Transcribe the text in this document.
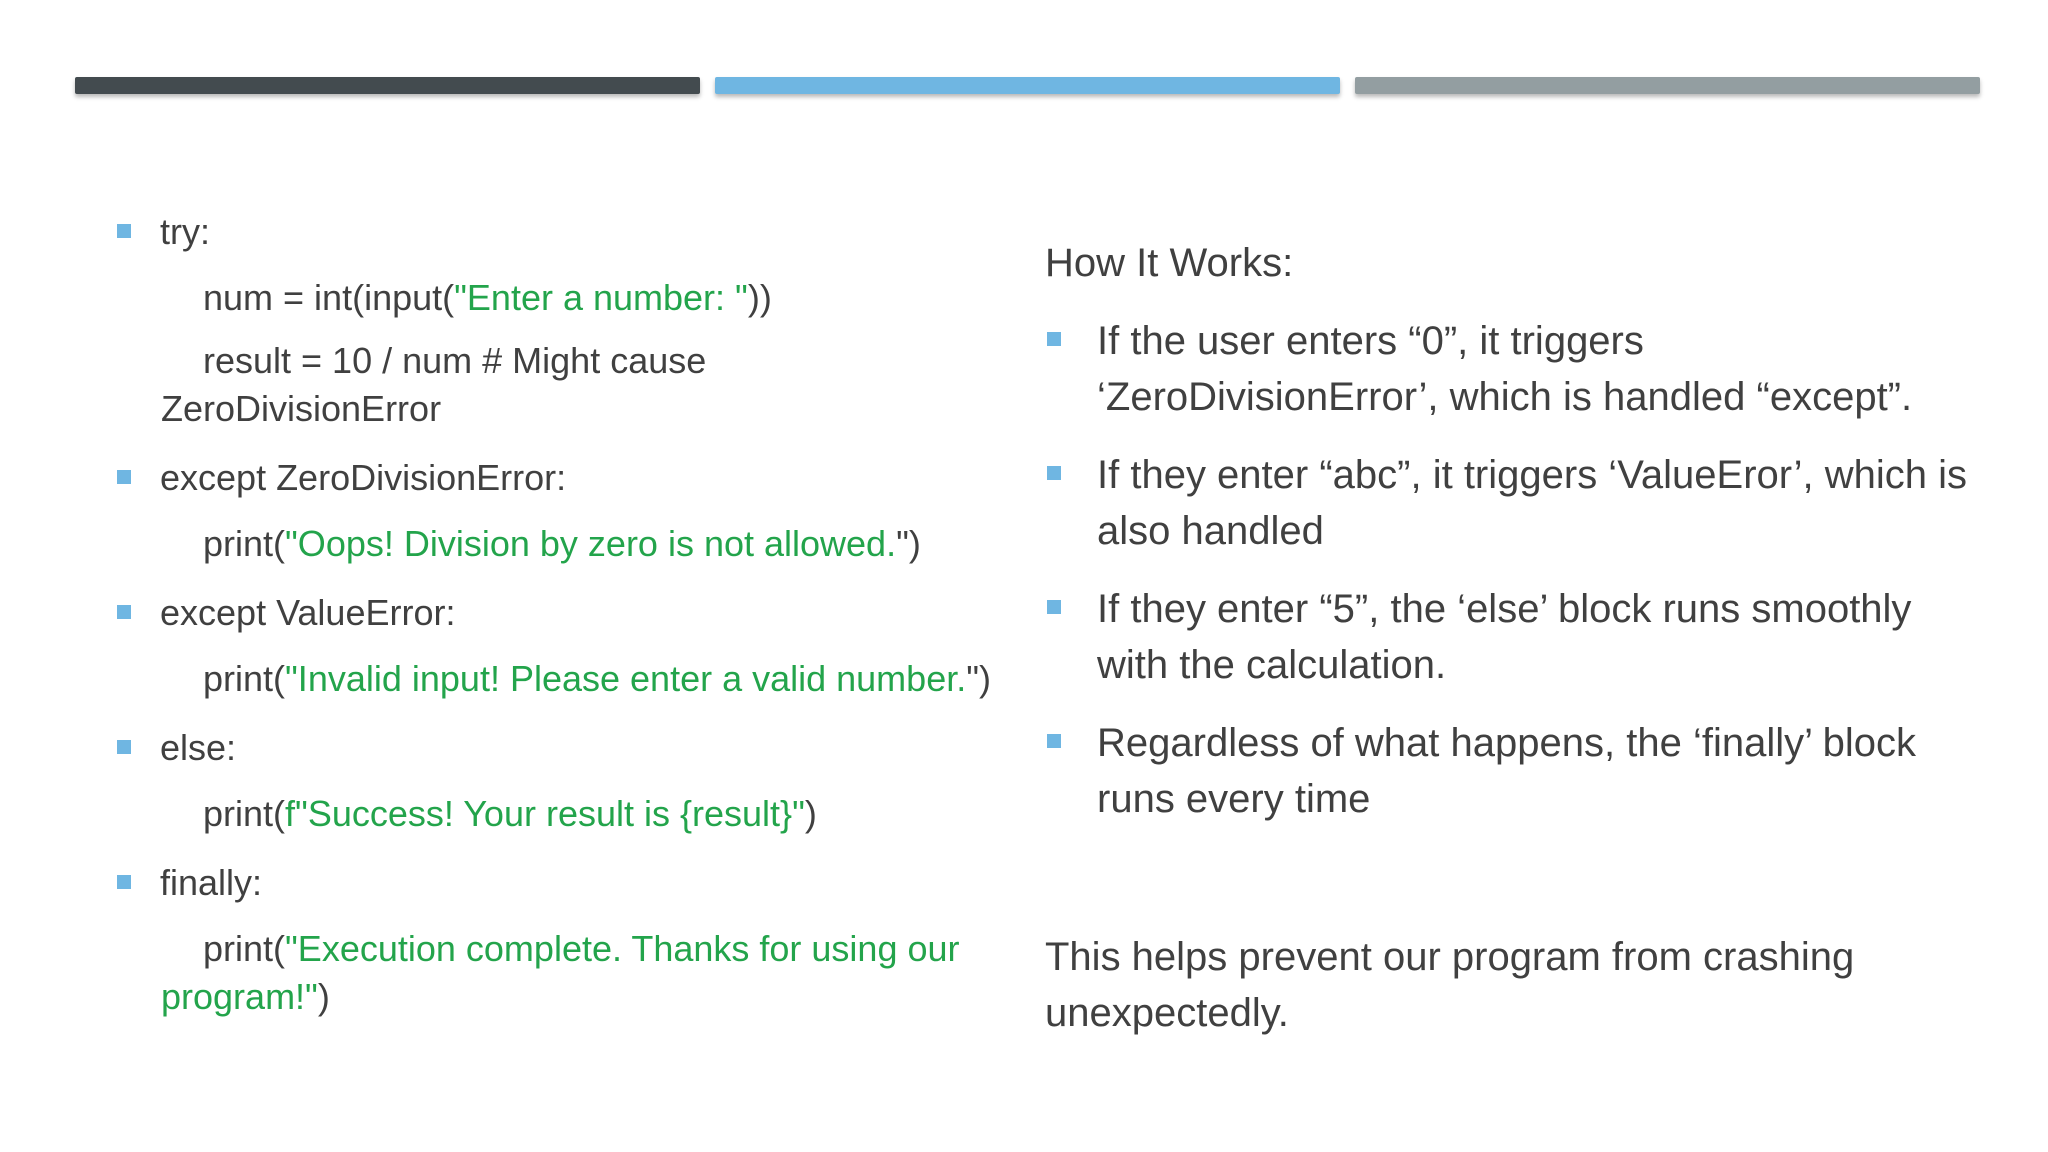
try:
num = int(input("Enter a number: "))
result = 10 / num # Might cause ZeroDivisionError
except ZeroDivisionError:
print("Oops! Division by zero is not allowed.")
except ValueError:
print("Invalid input! Please enter a valid number.")
else:
print(f"Success! Your result is {result}")
finally:
print("Execution complete. Thanks for using our program!")
How It Works:
If the user enters “0”, it triggers ‘ZeroDivisionError’, which is handled “except”.
If they enter “abc”, it triggers ‘ValueEror’, which is also handled
If they enter “5”, the ‘else’ block runs smoothly with the calculation.
Regardless of what happens, the ‘finally’ block runs every time
This helps prevent our program from crashing unexpectedly.
